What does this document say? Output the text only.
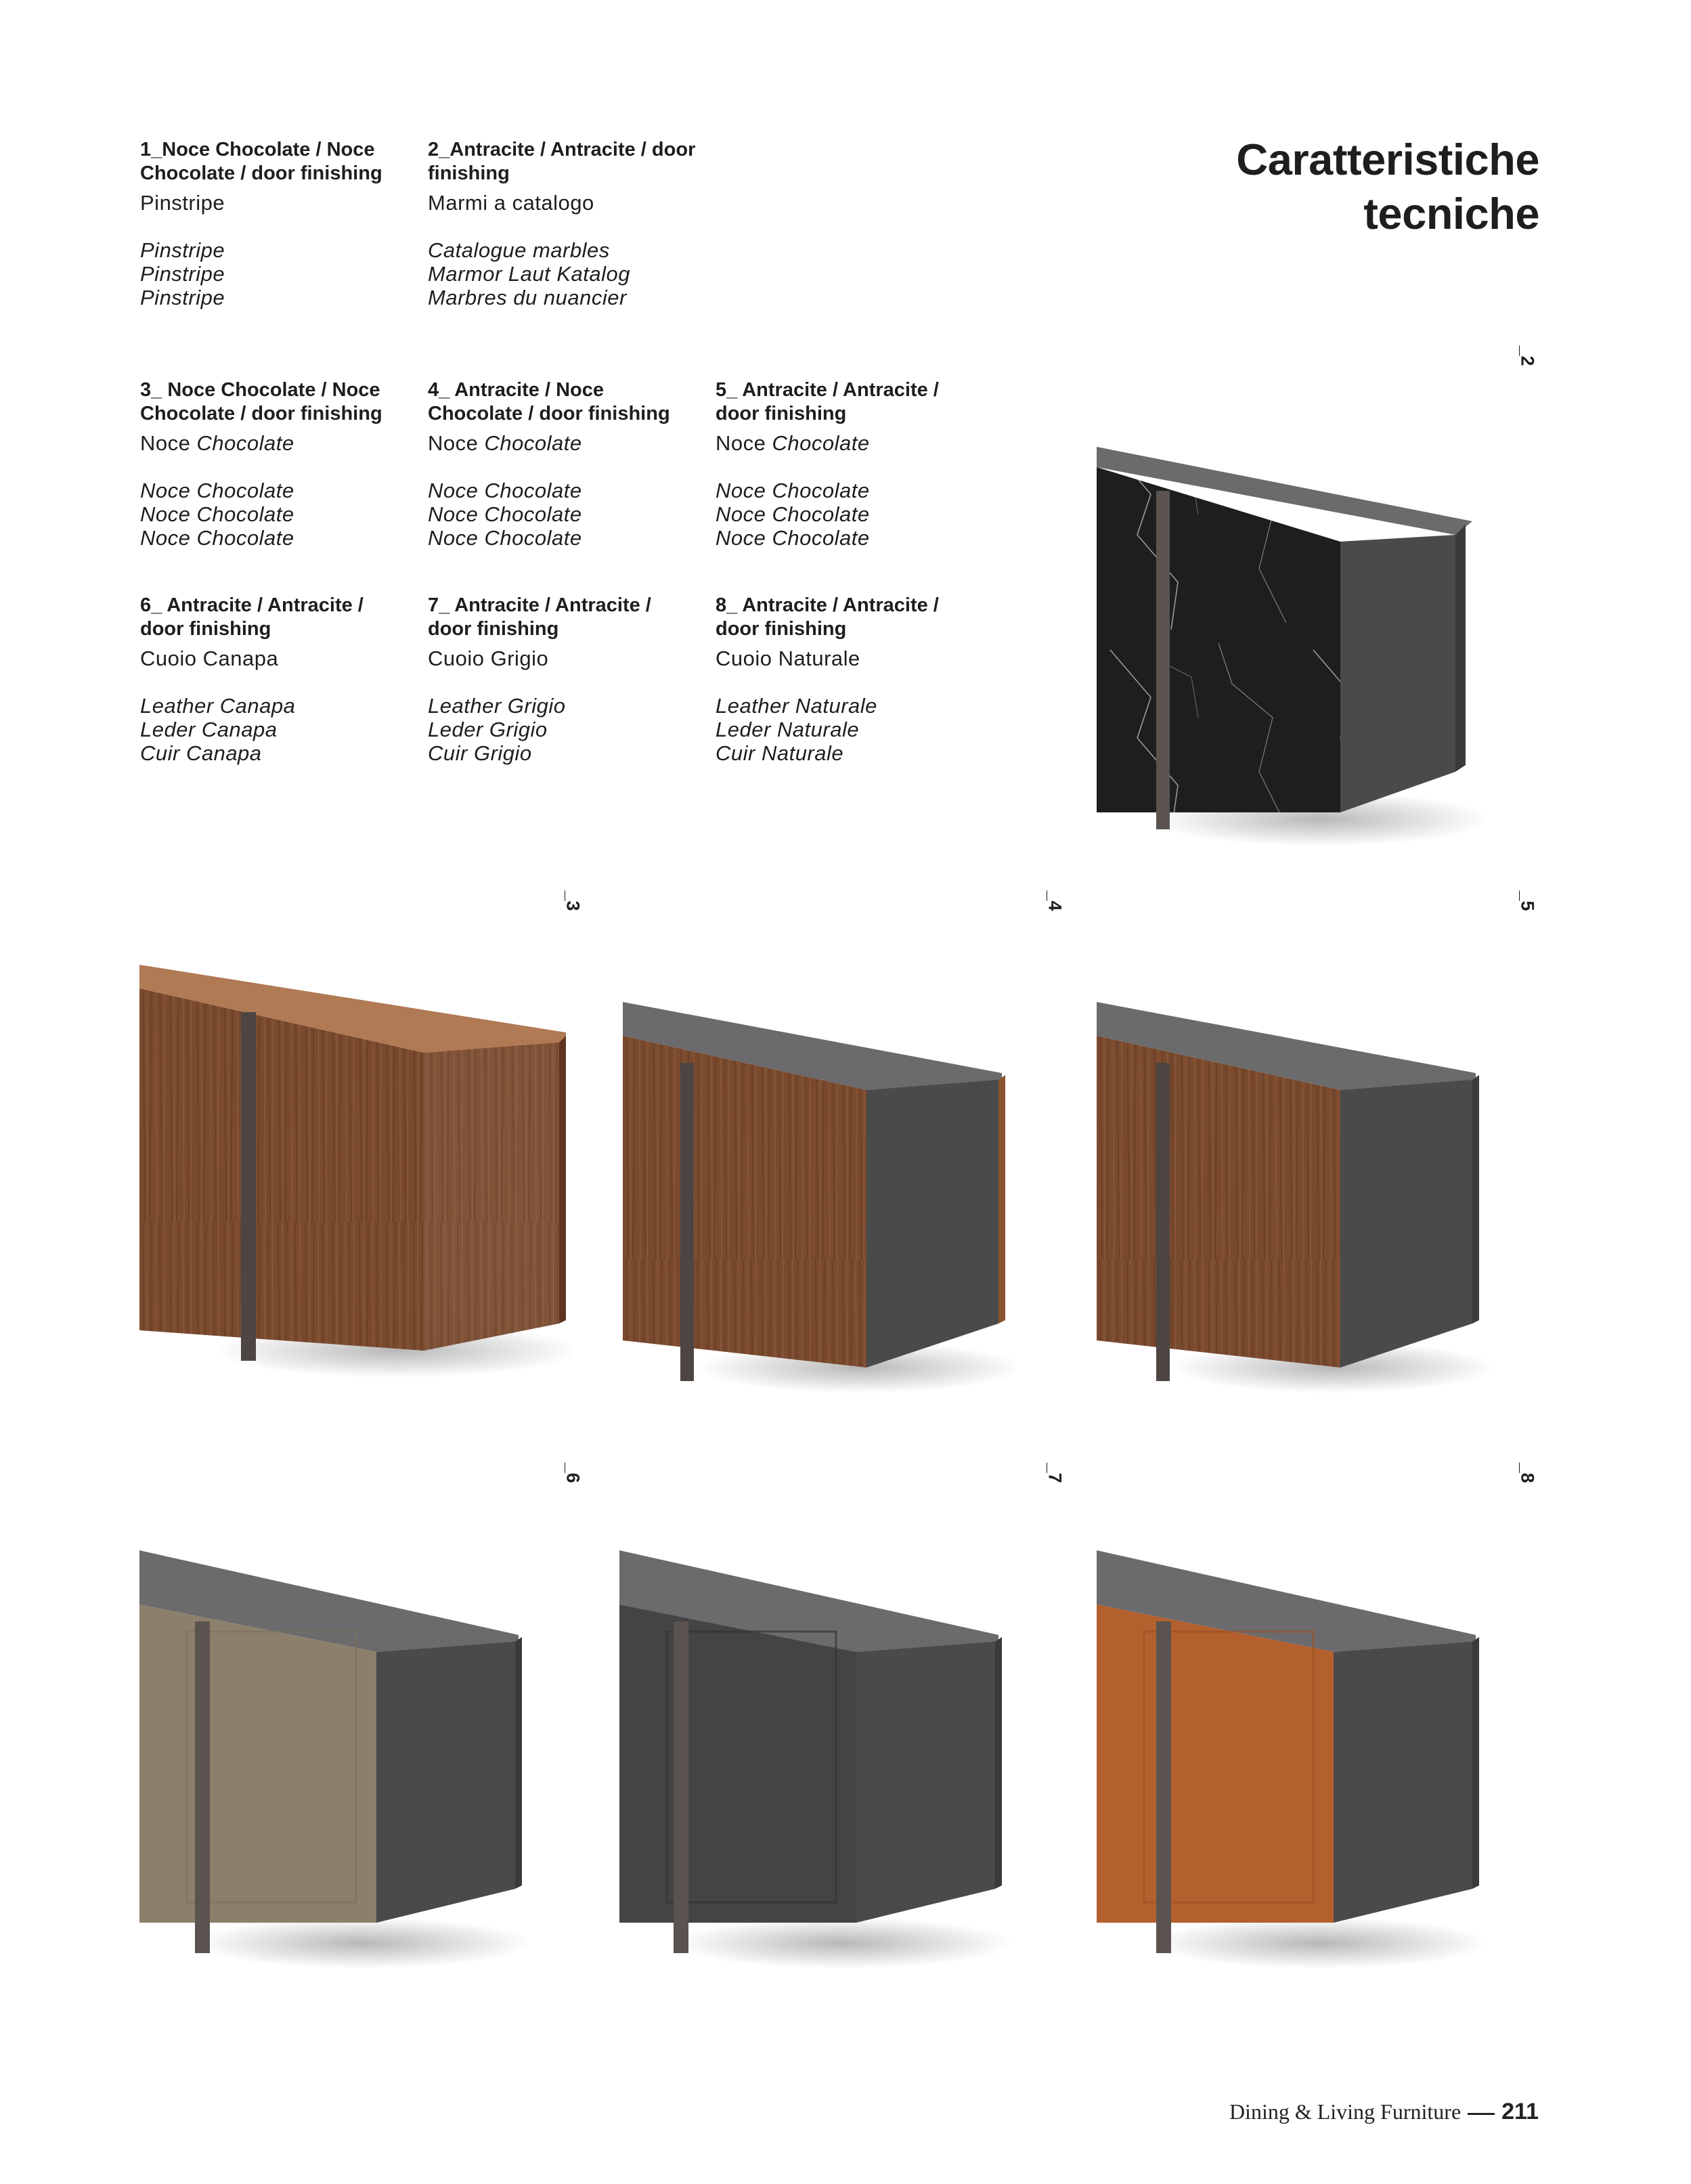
Caratteristiche
tecniche
1_Noce Chocolate / Noce Chocolate / door finishing
Pinstripe
Pinstripe
Pinstripe
Pinstripe
2_Antracite / Antracite / door finishing
Marmi a catalogo
Catalogue marbles
Marmor Laut Katalog
Marbres du nuancier
3_ Noce Chocolate / Noce Chocolate / door finishing
Noce Chocolate
Noce Chocolate
Noce Chocolate
Noce Chocolate
4_ Antracite / Noce Chocolate / door finishing
Noce Chocolate
Noce Chocolate
Noce Chocolate
Noce Chocolate
5_ Antracite / Antracite / door finishing
Noce Chocolate
Noce Chocolate
Noce Chocolate
Noce Chocolate
6_ Antracite / Antracite / door finishing
Cuoio Canapa
Leather Canapa
Leder Canapa
Cuir Canapa
7_ Antracite / Antracite / door finishing
Cuoio Grigio
Leather Grigio
Leder Grigio
Cuir Grigio
8_ Antracite / Antracite / door finishing
Cuoio Naturale
Leather Naturale
Leder Naturale
Cuir Naturale
_2
_3	_4	_5
_6	_7	_8
Dining & Living Furniture 211
